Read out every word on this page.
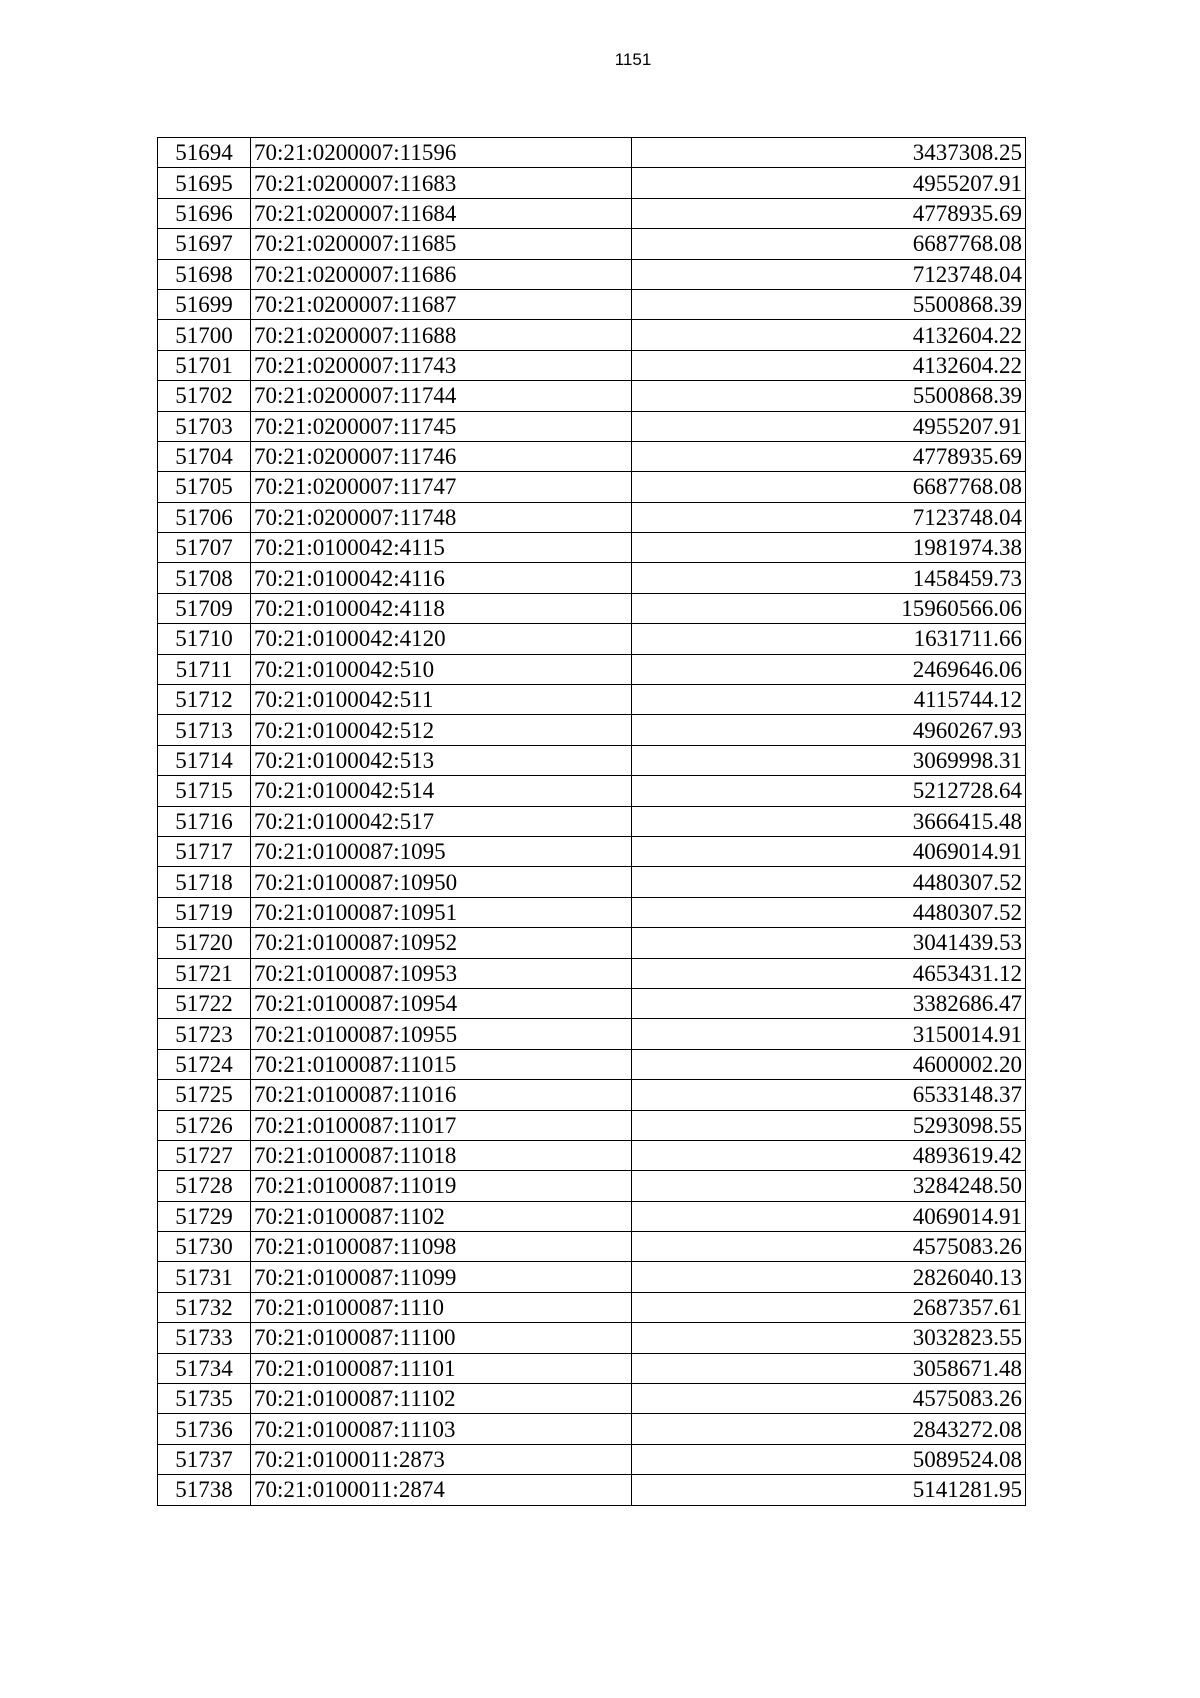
1151
51694	70:21:0200007:11596	3437308.25
51695	70:21:0200007:11683	4955207.91
51696	70:21:0200007:11684	4778935.69
51697	70:21:0200007:11685	6687768.08
51698	70:21:0200007:11686	7123748.04
51699	70:21:0200007:11687	5500868.39
51700	70:21:0200007:11688	4132604.22
51701	70:21:0200007:11743	4132604.22
51702	70:21:0200007:11744	5500868.39
51703	70:21:0200007:11745	4955207.91
51704	70:21:0200007:11746	4778935.69
51705	70:21:0200007:11747	6687768.08
51706	70:21:0200007:11748	7123748.04
51707	70:21:0100042:4115	1981974.38
51708	70:21:0100042:4116	1458459.73
51709	70:21:0100042:4118	15960566.06
51710	70:21:0100042:4120	1631711.66
51711	70:21:0100042:510	2469646.06
51712	70:21:0100042:511	4115744.12
51713	70:21:0100042:512	4960267.93
51714	70:21:0100042:513	3069998.31
51715	70:21:0100042:514	5212728.64
51716	70:21:0100042:517	3666415.48
51717	70:21:0100087:1095	4069014.91
51718	70:21:0100087:10950	4480307.52
51719	70:21:0100087:10951	4480307.52
51720	70:21:0100087:10952	3041439.53
51721	70:21:0100087:10953	4653431.12
51722	70:21:0100087:10954	3382686.47
51723	70:21:0100087:10955	3150014.91
51724	70:21:0100087:11015	4600002.20
51725	70:21:0100087:11016	6533148.37
51726	70:21:0100087:11017	5293098.55
51727	70:21:0100087:11018	4893619.42
51728	70:21:0100087:11019	3284248.50
51729	70:21:0100087:1102	4069014.91
51730	70:21:0100087:11098	4575083.26
51731	70:21:0100087:11099	2826040.13
51732	70:21:0100087:1110	2687357.61
51733	70:21:0100087:11100	3032823.55
51734	70:21:0100087:11101	3058671.48
51735	70:21:0100087:11102	4575083.26
51736	70:21:0100087:11103	2843272.08
51737	70:21:0100011:2873	5089524.08
51738	70:21:0100011:2874	5141281.95
